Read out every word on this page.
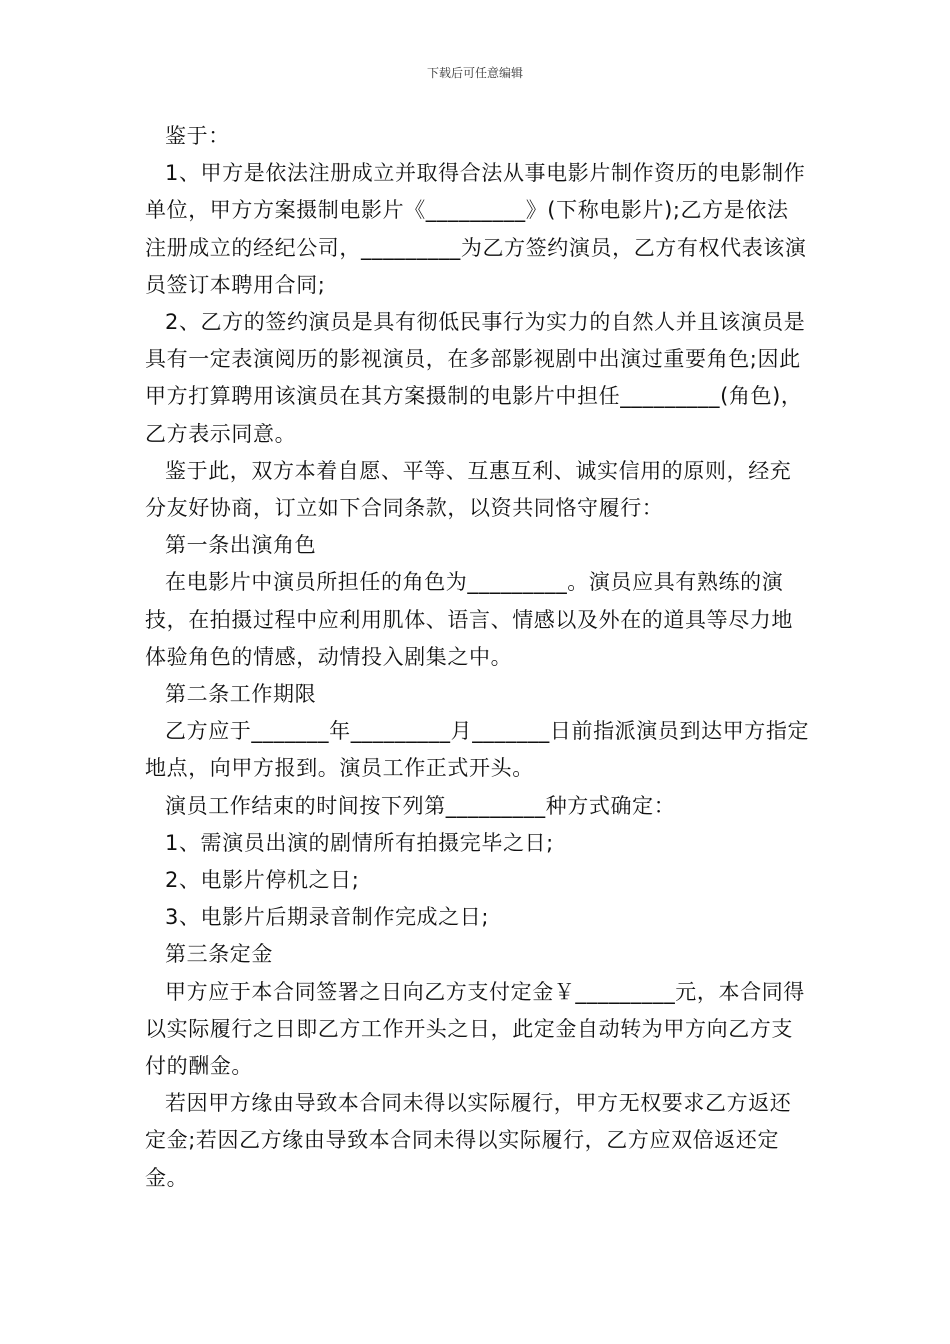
下载后可任意编辑

鉴于：

1、甲方是依法注册成立并取得合法从事电影片制作资历的电影制作单位，甲方方案摄制电影片《_________》(下称电影片);乙方是依法注册成立的经纪公司，_________为乙方签约演员，乙方有权代表该演员签订本聘用合同;

2、乙方的签约演员是具有彻低民事行为实力的自然人并且该演员是具有一定表演阅历的影视演员，在多部影视剧中出演过重要角色;因此甲方打算聘用该演员在其方案摄制的电影片中担任_________(角色)，乙方表示同意。

鉴于此，双方本着自愿、平等、互惠互利、诚实信用的原则，经充分友好协商，订立如下合同条款，以资共同恪守履行：

第一条出演角色

在电影片中演员所担任的角色为_________。演员应具有熟练的演技，在拍摄过程中应利用肌体、语言、情感以及外在的道具等尽力地体验角色的情感，动情投入剧集之中。

第二条工作期限

乙方应于_______年_________月_______日前指派演员到达甲方指定地点，向甲方报到。演员工作正式开头。

演员工作结束的时间按下列第_________种方式确定：

1、需演员出演的剧情所有拍摄完毕之日;

2、电影片停机之日;

3、电影片后期录音制作完成之日;

第三条定金

甲方应于本合同签署之日向乙方支付定金￥_________元，本合同得以实际履行之日即乙方工作开头之日，此定金自动转为甲方向乙方支付的酬金。

若因甲方缘由导致本合同未得以实际履行，甲方无权要求乙方返还定金;若因乙方缘由导致本合同未得以实际履行，乙方应双倍返还定金。
